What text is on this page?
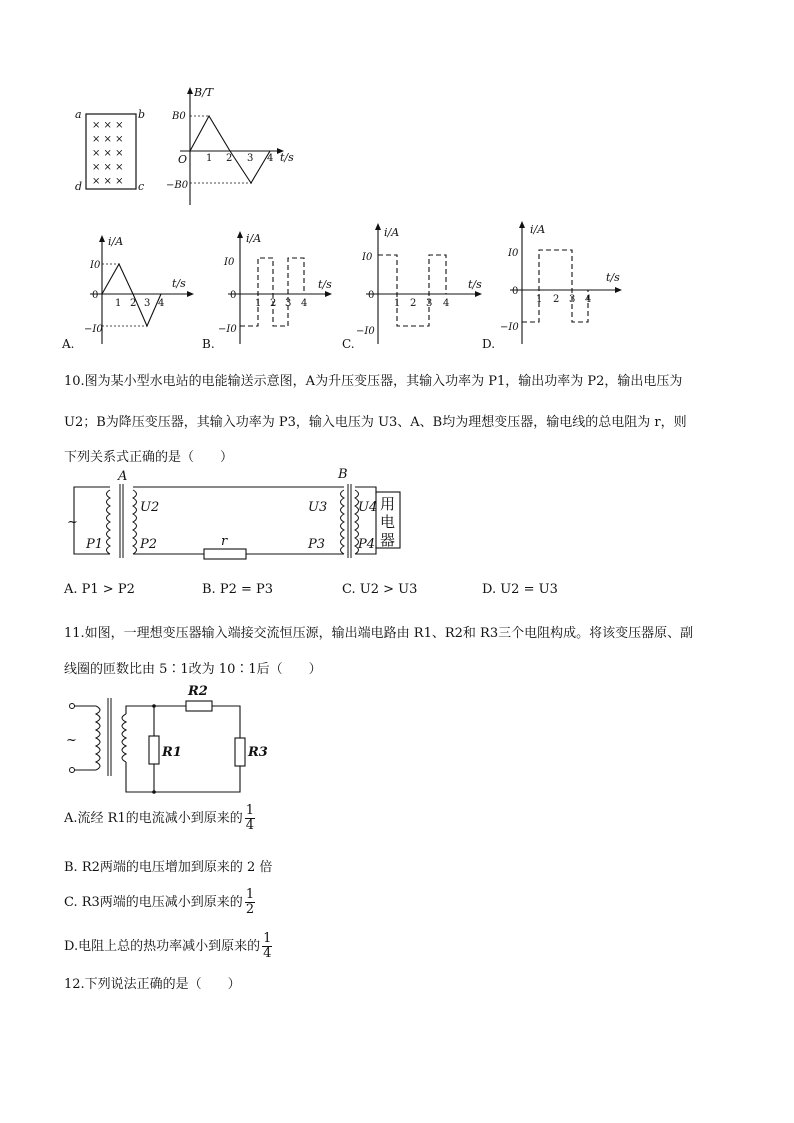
× × ×
× × ×
× × ×
× × ×
× × ×
a	b
d	c
B/T
t/s
O
B0
−B0
1 2 3 4
i/A
t/s
I0
−I0
0
1 2 3 4
A.
i/A
t/s
I0
−I0
0
1 2 3 4
B.
i/A
t/s
I0
−I0
0
1 2 3 4
C.
i/A
t/s
I0
−I0
0
1 2 3 4
D.
10.图为某小型水电站的电能输送示意图，A为升压变压器，其输入功率为 P1，输出功率为 P2，输出电压为
U2；B为降压变压器，其输入功率为 P3，输入电压为 U3、A、B均为理想变压器，输电线的总电阻为 r，则
下列关系式正确的是（　　）
~
A
P1
U2
P2	r
B
U3
P3
U4
P4
用
电
器
A. P1 > P2	B. P2 = P3	C. U2 > U3	D. U2 = U3
11.如图，一理想变压器输入端接交流恒压源，输出端电路由 R1、R2和 R3三个电阻构成。将该变压器原、副
线圈的匝数比由 5∶1改为 10∶1后（　　）
~
R2
R1	R3
A.流经 R1的电流减小到原来的 $\frac{1}{4}$
B. R2两端的电压增加到原来的 2 倍
C. R3两端的电压减小到原来的 $\frac{1}{2}$
D.电阻上总的热功率减小到原来的 $\frac{1}{4}$
12.下列说法正确的是（　　）
